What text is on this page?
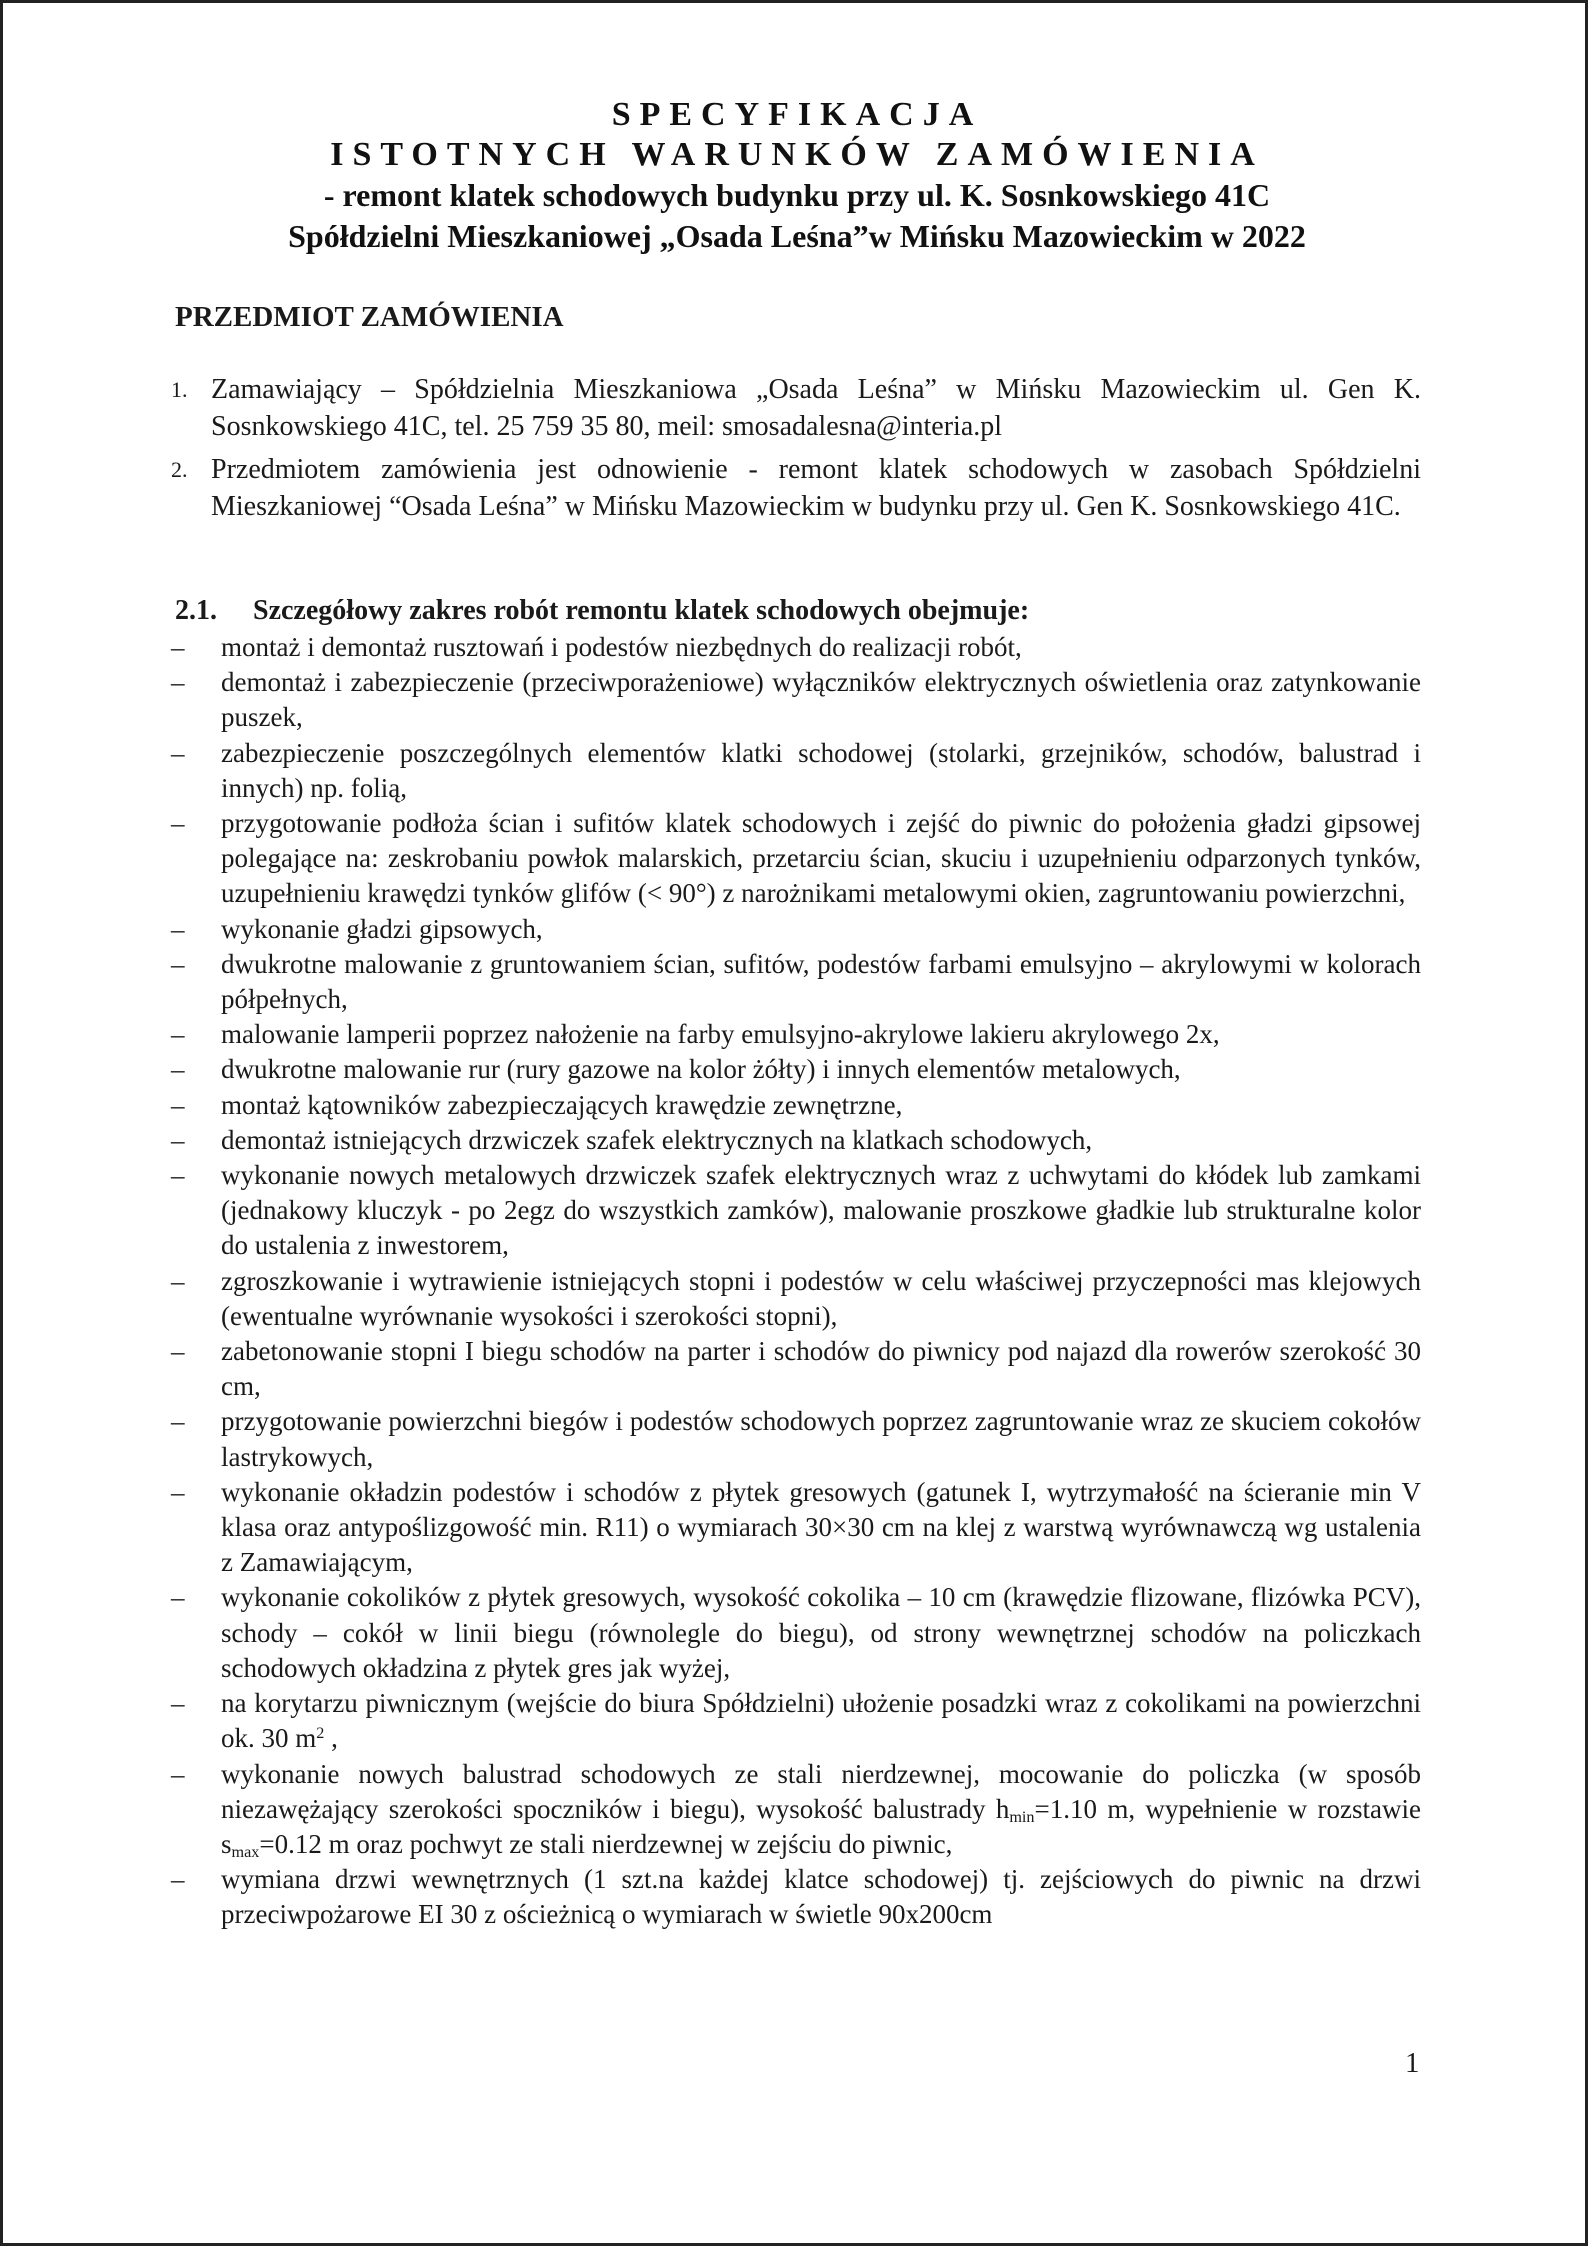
SPECYFIKACJA
ISTOTNYCH WARUNKÓW ZAMÓWIENIA
- remont klatek schodowych budynku przy ul. K. Sosnkowskiego 41C
Spółdzielni Mieszkaniowej „Osada Leśna”w Mińsku Mazowieckim w 2022
PRZEDMIOT ZAMÓWIENIA
1. Zamawiający – Spółdzielnia Mieszkaniowa „Osada Leśna” w Mińsku Mazowieckim ul. Gen K. Sosnkowskiego 41C, tel. 25 759 35 80, meil: smosadalesna@interia.pl
2. Przedmiotem zamówienia jest odnowienie - remont klatek schodowych w zasobach Spółdzielni Mieszkaniowej “Osada Leśna” w Mińsku Mazowieckim w budynku przy ul. Gen K. Sosnkowskiego 41C.
2.1. Szczegółowy zakres robót remontu klatek schodowych obejmuje:
– montaż i demontaż rusztowań i podestów niezbędnych do realizacji robót,
– demontaż i zabezpieczenie (przeciwporażeniowe) wyłączników elektrycznych oświetlenia oraz zatynkowanie puszek,
– zabezpieczenie poszczególnych elementów klatki schodowej (stolarki, grzejników, schodów, balustrad i innych) np. folią,
– przygotowanie podłoża ścian i sufitów klatek schodowych i zejść do piwnic do położenia gładzi gipsowej polegające na: zeskrobaniu powłok malarskich, przetarciu ścian, skuciu i uzupełnieniu odparzonych tynków, uzupełnieniu krawędzi tynków glifów (< 90°) z narożnikami metalowymi okien, zagruntowaniu powierzchni,
– wykonanie gładzi gipsowych,
– dwukrotne malowanie z gruntowaniem ścian, sufitów, podestów farbami emulsyjno – akrylowymi w kolorach półpełnych,
– malowanie lamperii poprzez nałożenie na farby emulsyjno-akrylowe lakieru akrylowego 2x,
– dwukrotne malowanie rur (rury gazowe na kolor żółty) i innych elementów metalowych,
– montaż kątowników zabezpieczających krawędzie zewnętrzne,
– demontaż istniejących drzwiczek szafek elektrycznych na klatkach schodowych,
– wykonanie nowych metalowych drzwiczek szafek elektrycznych wraz z uchwytami do kłódek lub zamkami (jednakowy kluczyk - po 2egz do wszystkich zamków), malowanie proszkowe gładkie lub strukturalne kolor do ustalenia z inwestorem,
– zgroszkowanie i wytrawienie istniejących stopni i podestów w celu właściwej przyczepności mas klejowych (ewentualne wyrównanie wysokości i szerokości stopni),
– zabetonowanie stopni I biegu schodów na parter i schodów do piwnicy pod najazd dla rowerów szerokość 30 cm,
– przygotowanie powierzchni biegów i podestów schodowych poprzez zagruntowanie wraz ze skuciem cokołów lastrykowych,
– wykonanie okładzin podestów i schodów z płytek gresowych (gatunek I, wytrzymałość na ścieranie min V klasa oraz antypoślizgowość min. R11) o wymiarach 30×30 cm na klej z warstwą wyrównawczą wg ustalenia z Zamawiającym,
– wykonanie cokolików z płytek gresowych, wysokość cokolika – 10 cm (krawędzie flizowane, flizówka PCV), schody – cokół w linii biegu (równolegle do biegu), od strony wewnętrznej schodów na policzkach schodowych okładzina z płytek gres jak wyżej,
– na korytarzu piwnicznym (wejście do biura Spółdzielni) ułożenie posadzki wraz z cokolikami na powierzchni ok. 30 $m^2$ ,
– wykonanie nowych balustrad schodowych ze stali nierdzewnej, mocowanie do policzka (w sposób niezawężający szerokości spoczników i biegu), wysokość balustrady $h_{min}=1.10$ m, wypełnienie w rozstawie $s_{max}=0.12$ m oraz pochwyt ze stali nierdzewnej w zejściu do piwnic,
– wymiana drzwi wewnętrznych (1 szt.na każdej klatce schodowej) tj. zejściowych do piwnic na drzwi przeciwpożarowe EI 30 z ościeżnicą o wymiarach w świetle 90x200cm
1
